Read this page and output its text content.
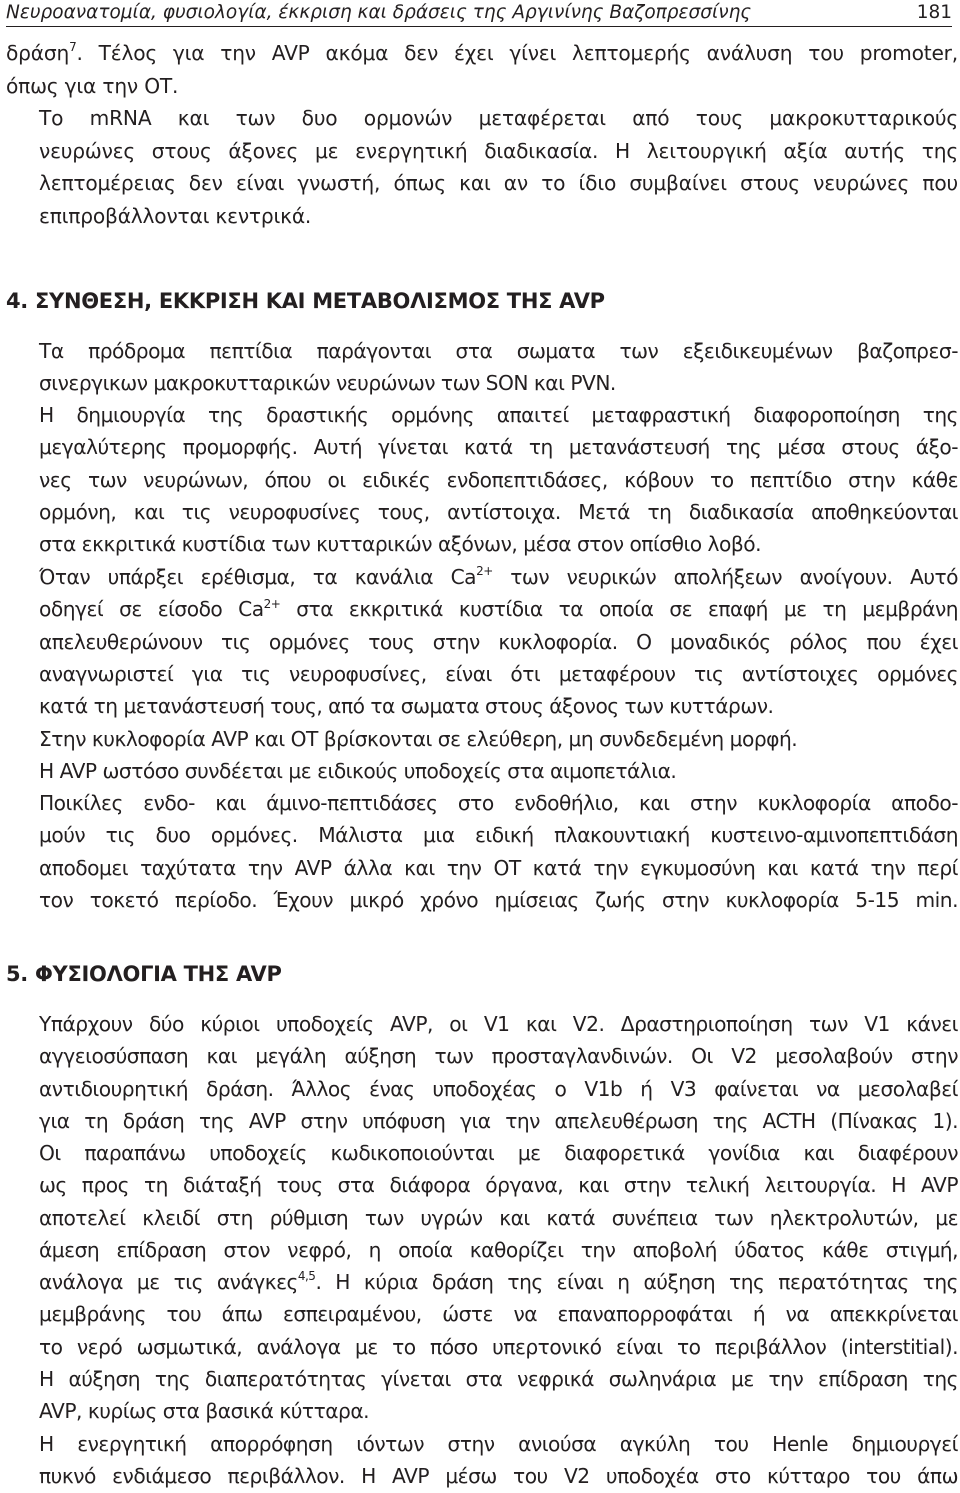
Νευροανατομία, φυσιολογία, έκκριση και δράσεις της Αργινίνης Βαζοπρεσσίνης	181
δράση$^7$. Τέλος για την AVP ακόμα δεν έχει γίνει λεπτομερής ανάλυση του promoter,
όπως για την ΟΤ.
Το mRNA και των δυο ορμονών μεταφέρεται από τους μακροκυτταρικούς
νευρώνες στους άξονες με ενεργητική διαδικασία. Η λειτουργική αξία αυτής της
λεπτομέρειας δεν είναι γνωστή, όπως και αν το ίδιο συμβαίνει στους νευρώνες που
επιπροβάλλονται κεντρικά.
4. ΣΥΝΘΕΣΗ, ΕΚΚΡΙΣΗ ΚΑΙ ΜΕΤΑΒΟΛΙΣΜΟΣ ΤΗΣ AVP
Τα πρόδρομα πεπτίδια παράγονται στα σωματα των εξειδικευμένων βαζοπρεσ-
σινεργικων μακροκυτταρικών νευρώνων των SON και PVN.
Η δημιουργία της δραστικής ορμόνης απαιτεί μεταφραστική διαφοροποίηση της
μεγαλύτερης προμορφής. Αυτή γίνεται κατά τη μετανάστευσή της μέσα στους άξο-
νες των νευρώνων, όπου οι ειδικές ενδοπεπτιδάσες, κόβουν το πεπτίδιο στην κάθε
ορμόνη, και τις νευροφυσίνες τους, αντίστοιχα. Μετά τη διαδικασία αποθηκεύονται
στα εκκριτικά κυστίδια των κυτταρικών αξόνων, μέσα στον οπίσθιο λοβό.
Όταν υπάρξει ερέθισμα, τα κανάλια $Ca^{2+}$ των νευρικών απολήξεων ανοίγουν. Αυτό
οδηγεί σε είσοδο $Ca^{2+}$ στα εκκριτικά κυστίδια τα οποία σε επαφή με τη μεμβράνη
απελευθερώνουν τις ορμόνες τους στην κυκλοφορία. Ο μοναδικός ρόλος που έχει
αναγνωριστεί για τις νευροφυσίνες, είναι ότι μεταφέρουν τις αντίστοιχες ορμόνες
κατά τη μετανάστευσή τους, από τα σωματα στους άξονος των κυττάρων.
Στην κυκλοφορία AVP και ΟΤ βρίσκονται σε ελεύθερη, μη συνδεδεμένη μορφή.
Η AVP ωστόσο συνδέεται με ειδικούς υποδοχείς στα αιμοπετάλια.
Ποικίλες ενδο- και άμινο-πεπτιδάσες στο ενδοθήλιο, και στην κυκλοφορία αποδο-
μούν τις δυο ορμόνες. Μάλιστα μια ειδική πλακουντιακή κυστεινο-αμινοπεπτιδάση
αποδομει ταχύτατα την AVP άλλα και την ΟΤ κατά την εγκυμοσύνη και κατά την περί
τον τοκετό περίοδο. Έχουν μικρό χρόνο ημίσειας ζωής στην κυκλοφορία 5-15 min.
5. ΦΥΣΙΟΛΟΓΙΑ ΤΗΣ AVP
Υπάρχουν δύο κύριοι υποδοχείς AVP, οι V1 και V2. Δραστηριοποίηση των V1 κάνει
αγγειοσύσπαση και μεγάλη αύξηση των προσταγλανδινών. Οι V2 μεσολαβούν στην
αντιδιουρητική δράση. Άλλος ένας υποδοχέας ο V1b ή V3 φαίνεται να μεσολαβεί
για τη δράση της AVP στην υπόφυση για την απελευθέρωση της ACTH (Πίνακας 1).
Οι παραπάνω υποδοχείς κωδικοποιούνται με διαφορετικά γονίδια και διαφέρουν
ως προς τη διάταξή τους στα διάφορα όργανα, και στην τελική λειτουργία. Η AVP
αποτελεί κλειδί στη ρύθμιση των υγρών και κατά συνέπεια των ηλεκτρολυτών, με
άμεση επίδραση στον νεφρό, η οποία καθορίζει την αποβολή ύδατος κάθε στιγμή,
ανάλογα με τις ανάγκες$^{4,5}$. Η κύρια δράση της είναι η αύξηση της περατότητας της
μεμβράνης του άπω εσπειραμένου, ώστε να επαναπορροφάται ή να απεκκρίνεται
το νερό ωσμωτικά, ανάλογα με το πόσο υπερτονικό είναι το περιβάλλον (interstitial).
Η αύξηση της διαπερατότητας γίνεται στα νεφρικά σωληνάρια με την επίδραση της
AVP, κυρίως στα βασικά κύτταρα.
Η ενεργητική απορρόφηση ιόντων στην ανιούσα αγκύλη του Henle δημιουργεί
πυκνό ενδιάμεσο περιβάλλον. Η AVP μέσω του V2 υποδοχέα στο κύτταρο του άπω
